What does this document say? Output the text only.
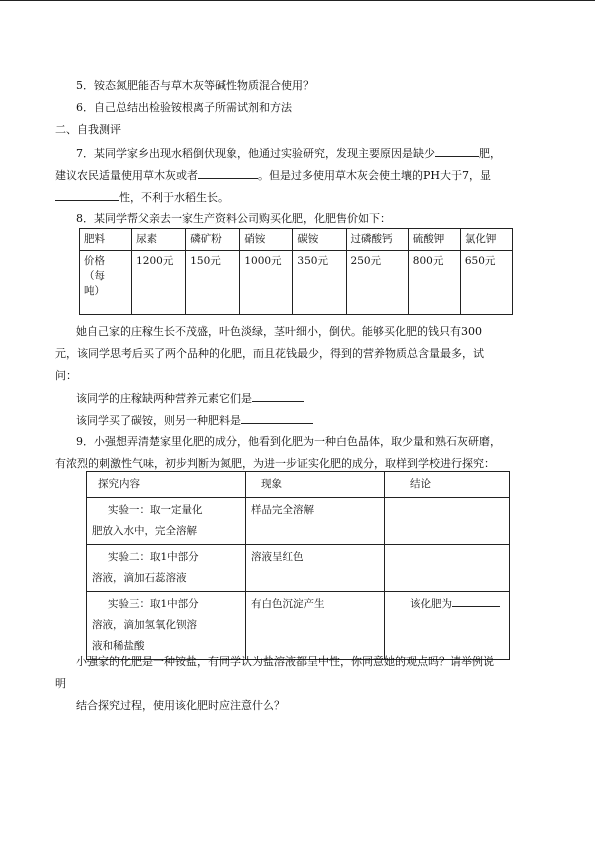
5．铵态氮肥能否与草木灰等碱性物质混合使用？
6．自己总结出检验铵根离子所需试剂和方法
二、自我测评
7．某同学家乡出现水稻倒伏现象，他通过实验研究，发现主要原因是缺少	肥，
建议农民适量使用草木灰或者	。但是过多使用草木灰会使土壤的PH大于7，显
性，不利于水稻生长。
8．某同学帮父亲去一家生产资料公司购买化肥，化肥售价如下：
肥料	尿素	磷矿粉	硝铵	碳铵	过磷酸钙	硫酸钾	氯化钾

价格
（每
吨）	1200元	150元	1000元	350元	250元	800元	650元
她自己家的庄稼生长不茂盛，叶色淡绿，茎叶细小，倒伏。能够买化肥的钱只有300
元，该同学思考后买了两个品种的化肥，而且花钱最少，得到的营养物质总含量最多，试
问：
该同学的庄稼缺两种营养元素它们是
该同学买了碳铵，则另一种肥料是
9．小强想弄清楚家里化肥的成分，他看到化肥为一种白色晶体，取少量和熟石灰研磨，
有浓烈的刺激性气味，初步判断为氮肥，为进一步证实化肥的成分，取样到学校进行探究：
探究内容	现象	结论

实验一：取一定量化
肥放入水中，完全溶解	样品完全溶解	

实验二：取1中部分
溶液，滴加石蕊溶液	溶液呈红色	

实验三：取1中部分
溶液，滴加氢氧化钡溶
液和稀盐酸	有白色沉淀产生	该化肥为
小强家的化肥是一种铵盐，有同学认为盐溶液都呈中性，你同意她的观点吗？请举例说
明
结合探究过程，使用该化肥时应注意什么？
